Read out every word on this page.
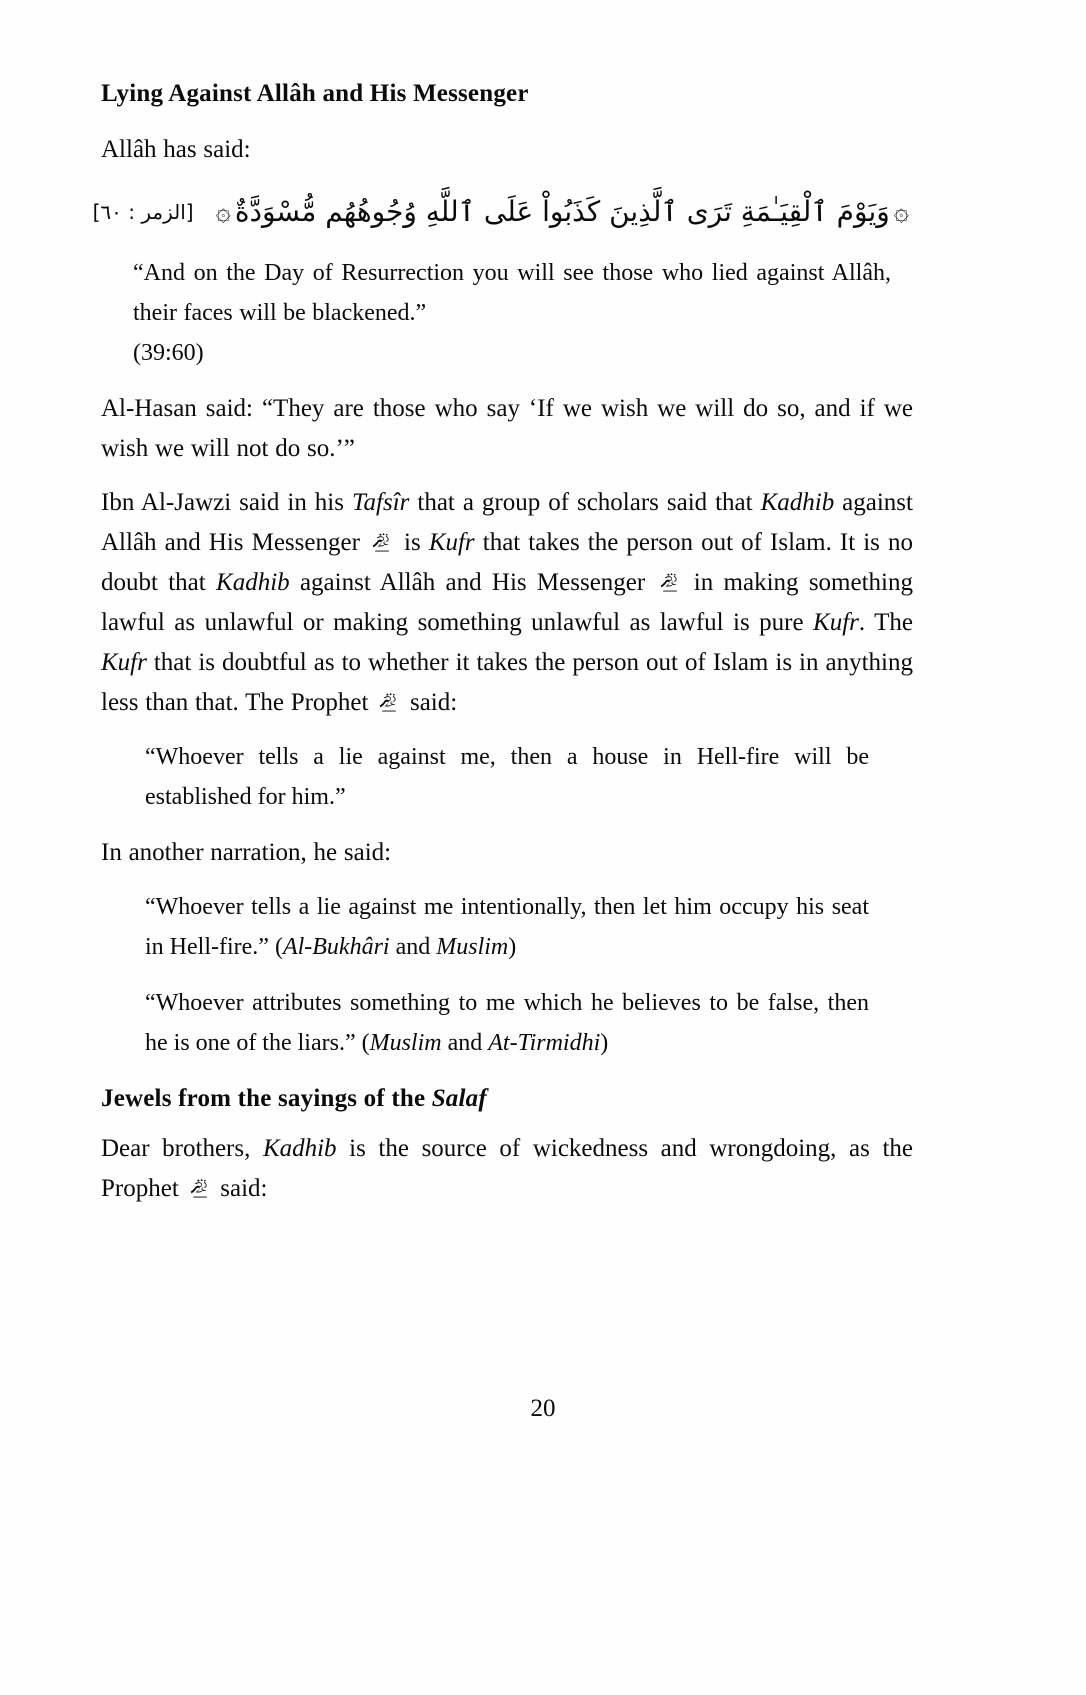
Lying Against Allâh and His Messenger

Allâh has said:

۞وَيَوْمَ ٱلْقِيَـٰمَةِ تَرَى ٱلَّذِينَ كَذَبُواْ عَلَى ٱللَّهِ وُجُوهُهُم مُّسْوَدَّةٌ۞[الزمر : ٦٠]

“And on the Day of Resurrection you will see those who lied against Allâh, their faces will be blackened.”
(39:60)

Al-Hasan said: “They are those who say ‘If we wish we will do so, and if we wish we will not do so.’”

Ibn Al-Jawzi said in his Tafsîr that a group of scholars said that Kadhib against Allâh and His Messenger
is Kufr that takes the person out of Islam. It is no doubt that Kadhib against Allâh and His Messenger
in making something lawful as unlawful or making something unlawful as lawful is pure Kufr. The Kufr that is doubtful as to whether it takes the person out of Islam is in anything less than that. The Prophet
said:

“Whoever tells a lie against me, then a house in Hell-fire will be established for him.”

In another narration, he said:

“Whoever tells a lie against me intentionally, then let him occupy his seat in Hell-fire.” (Al-Bukhâri and Muslim)

“Whoever attributes something to me which he believes to be false, then he is one of the liars.” (Muslim and At-Tirmidhi)

Jewels from the sayings of the Salaf

Dear brothers, Kadhib is the source of wickedness and wrongdoing, as the Prophet
said:

20
